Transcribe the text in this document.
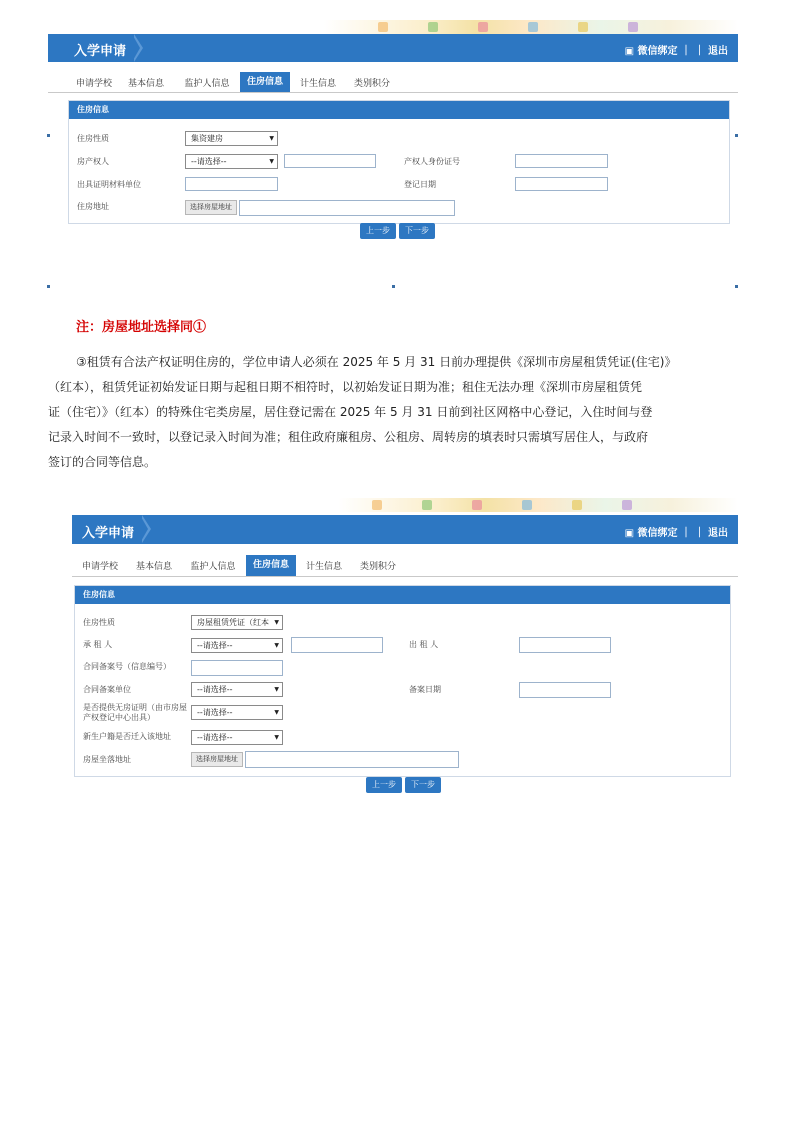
入学申请	▣ 微信绑定 ｜ ｜ 退出
申请学校	基本信息	监护人信息	住房信息	计生信息	类别积分
住房信息
住房性质	集资建房	▼
房产权人	--请选择--	▼	产权人身份证号
出具证明材料单位	登记日期
住房地址	选择房屋地址
上一步	下一步
注：房屋地址选择同①
③租赁有合法产权证明住房的，学位申请人必须在 2025 年 5 月 31 日前办理提供《深圳市房屋租赁凭证(住宅)》
（红本），租赁凭证初始发证日期与起租日期不相符时，以初始发证日期为准；租住无法办理《深圳市房屋租赁凭
证（住宅）》（红本）的特殊住宅类房屋，居住登记需在 2025 年 5 月 31 日前到社区网格中心登记，入住时间与登
记录入时间不一致时，以登记录入时间为准；租住政府廉租房、公租房、周转房的填表时只需填写居住人，与政府
签订的合同等信息。
入学申请	▣ 微信绑定 ｜ ｜ 退出
申请学校	基本信息	监护人信息	住房信息	计生信息	类别积分
住房信息
住房性质	房屋租赁凭证（红本 ▼
承 租 人	--请选择--	▼	出 租 人
合同备案号（信息编号）
合同备案单位	--请选择--	▼	备案日期
是否提供无房证明（由市房屋产权登记中心出具）
--请选择--	▼
新生户籍是否迁入该地址	--请选择--	▼
房屋坐落地址	选择房屋地址
上一步	下一步
